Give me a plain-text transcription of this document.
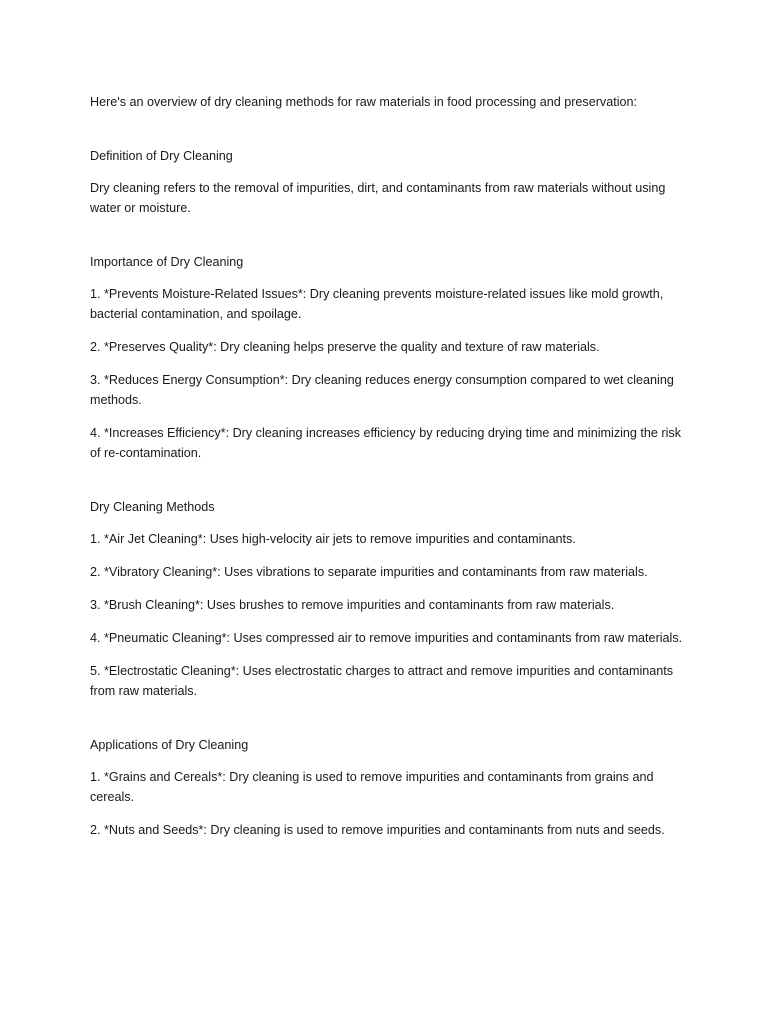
Here's an overview of dry cleaning methods for raw materials in food processing and preservation:

Definition of Dry Cleaning

Dry cleaning refers to the removal of impurities, dirt, and contaminants from raw materials without using water or moisture.

Importance of Dry Cleaning

1. *Prevents Moisture-Related Issues*: Dry cleaning prevents moisture-related issues like mold growth, bacterial contamination, and spoilage.

2. *Preserves Quality*: Dry cleaning helps preserve the quality and texture of raw materials.

3. *Reduces Energy Consumption*: Dry cleaning reduces energy consumption compared to wet cleaning methods.

4. *Increases Efficiency*: Dry cleaning increases efficiency by reducing drying time and minimizing the risk of re-contamination.

Dry Cleaning Methods

1. *Air Jet Cleaning*: Uses high-velocity air jets to remove impurities and contaminants.

2. *Vibratory Cleaning*: Uses vibrations to separate impurities and contaminants from raw materials.

3. *Brush Cleaning*: Uses brushes to remove impurities and contaminants from raw materials.

4. *Pneumatic Cleaning*: Uses compressed air to remove impurities and contaminants from raw materials.

5. *Electrostatic Cleaning*: Uses electrostatic charges to attract and remove impurities and contaminants from raw materials.

Applications of Dry Cleaning

1. *Grains and Cereals*: Dry cleaning is used to remove impurities and contaminants from grains and cereals.

2. *Nuts and Seeds*: Dry cleaning is used to remove impurities and contaminants from nuts and seeds.
